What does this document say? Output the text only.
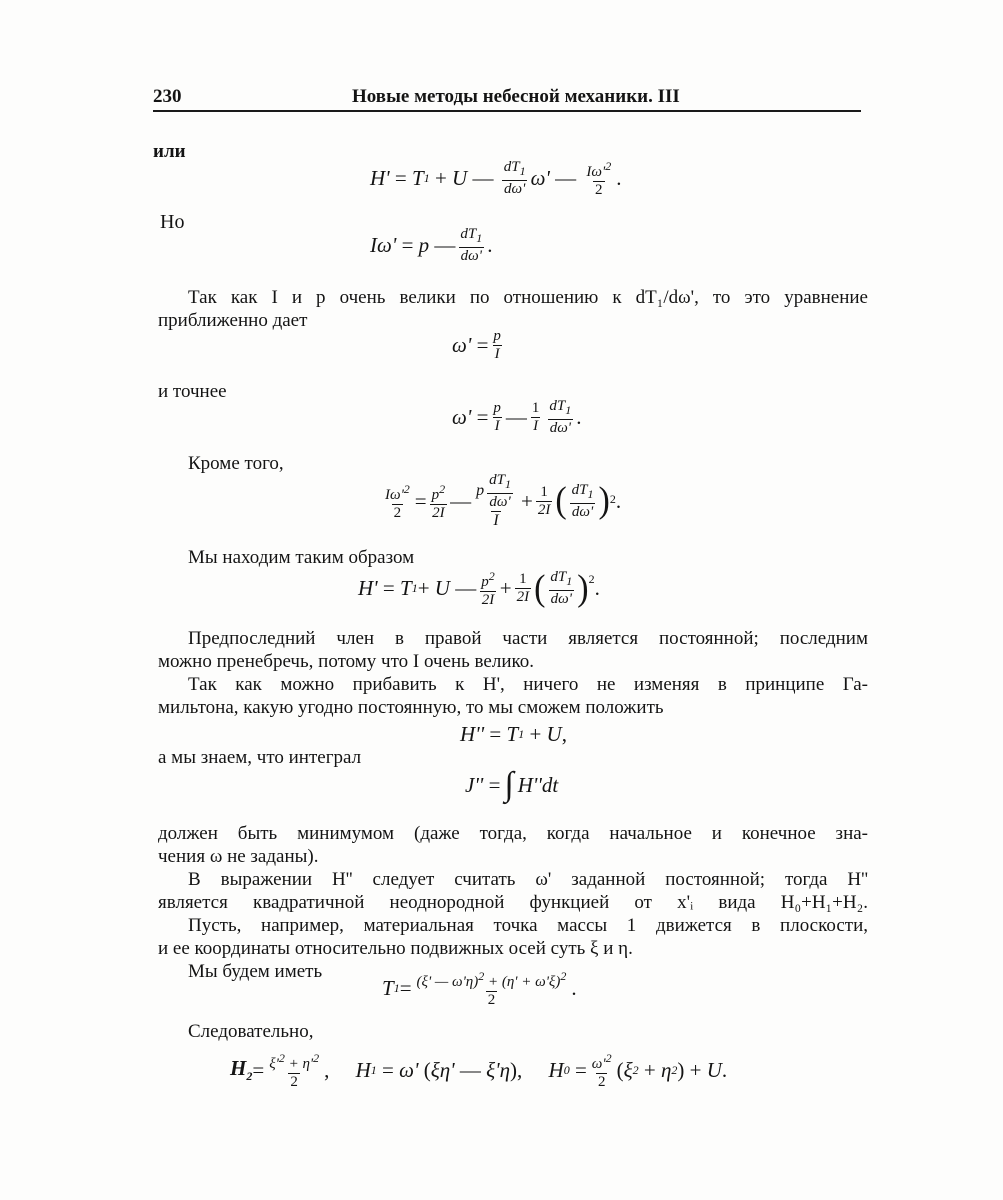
230	Новые методы небесной механики. III
или
H' = T 1 + U — $\frac{dT_1}{d\omega'} \omega'$ — $\frac{I\omega'^2}{2}$ .
Но
Iω' = p — $\frac{dT_1}{d\omega'}$ .
Так как I и p очень велики по отношению к dT₁/dω', то это уравнение
приближенно дает
$\omega' = \frac{p}{I}$
и точнее
$\omega' = \frac{p}{I}$ — $\frac{1}{I} \frac{dT_1}{d\omega'}$ .
Кроме того,
$\frac{I\omega'^2}{2} = \frac{p^2}{2I}$ — $\frac{p \frac{dT_1}{d\omega'}}{I} + \frac{1}{2I}$ ( $\frac{dT_1}{d\omega'}$ ) 2 .
Мы находим таким образом
H' = T 1 + U — $\frac{p^2}{2I} + \frac{1}{2I}$ ( $\frac{dT_1}{d\omega'} )^2$ .
Предпоследний член в правой части является постоянной; последним
можно пренебречь, потому что I очень велико.
Так как можно прибавить к H', ничего не изменяя в принципе Га-
мильтона, какую угодно постоянную, то мы сможем положить
H'' = T 1 + U ,
а мы знаем, что интеграл
J'' = ∫ H''dt
должен быть минимумом (даже тогда, когда начальное и конечное зна-
чения ω не заданы).
В выражении H'' следует считать ω' заданной постоянной; тогда H''
является квадратичной неоднородной функцией от x'ᵢ вида H₀+H₁+H₂.
Пусть, например, материальная точка массы 1 движется в плоскости,
и ее координаты относительно подвижных осей суть ξ и η.
Мы будем иметь
T $1 = \frac{(\xi' — \omega'\eta)^2 + (\eta' + \omega'\xi)^2}{2}$ .
Следовательно,
$H_2 = \frac{\xi'^2 + \eta'^2}{2}$ , H 1 = ω' ( ξη' — ξ'η ), H $0 = \frac{\omega'^2}{2}$ ( ξ 2 + η 2 ) + U .
